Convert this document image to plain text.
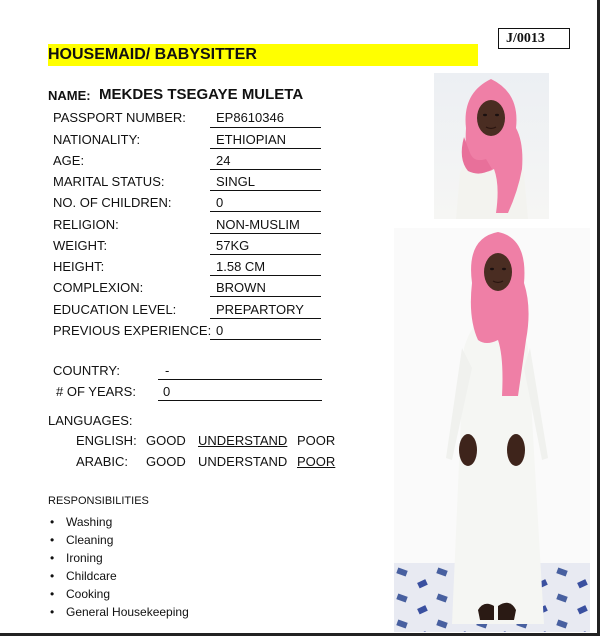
J/0013
HOUSEMAID/ BABYSITTER
NAME: MEKDES TSEGAYE MULETA
PASSPORT NUMBER: EP8610346
NATIONALITY:	ETHIOPIAN
AGE:	24
MARITAL STATUS:	SINGL
NO. OF CHILDREN:	0
RELIGION:	NON-MUSLIM
WEIGHT:	57KG
HEIGHT:	1.58 CM
COMPLEXION:	BROWN
EDUCATION LEVEL:	PREPARTORY
PREVIOUS EXPERIENCE: 0
COUNTRY:	-
# OF YEARS: 0
LANGUAGES:
ENGLISH: GOOD UNDERSTAND POOR
ARABIC: GOOD UNDERSTAND POOR
RESPONSIBILITIES
• Washing
• Cleaning
• Ironing
• Childcare
• Cooking
• General Housekeeping
